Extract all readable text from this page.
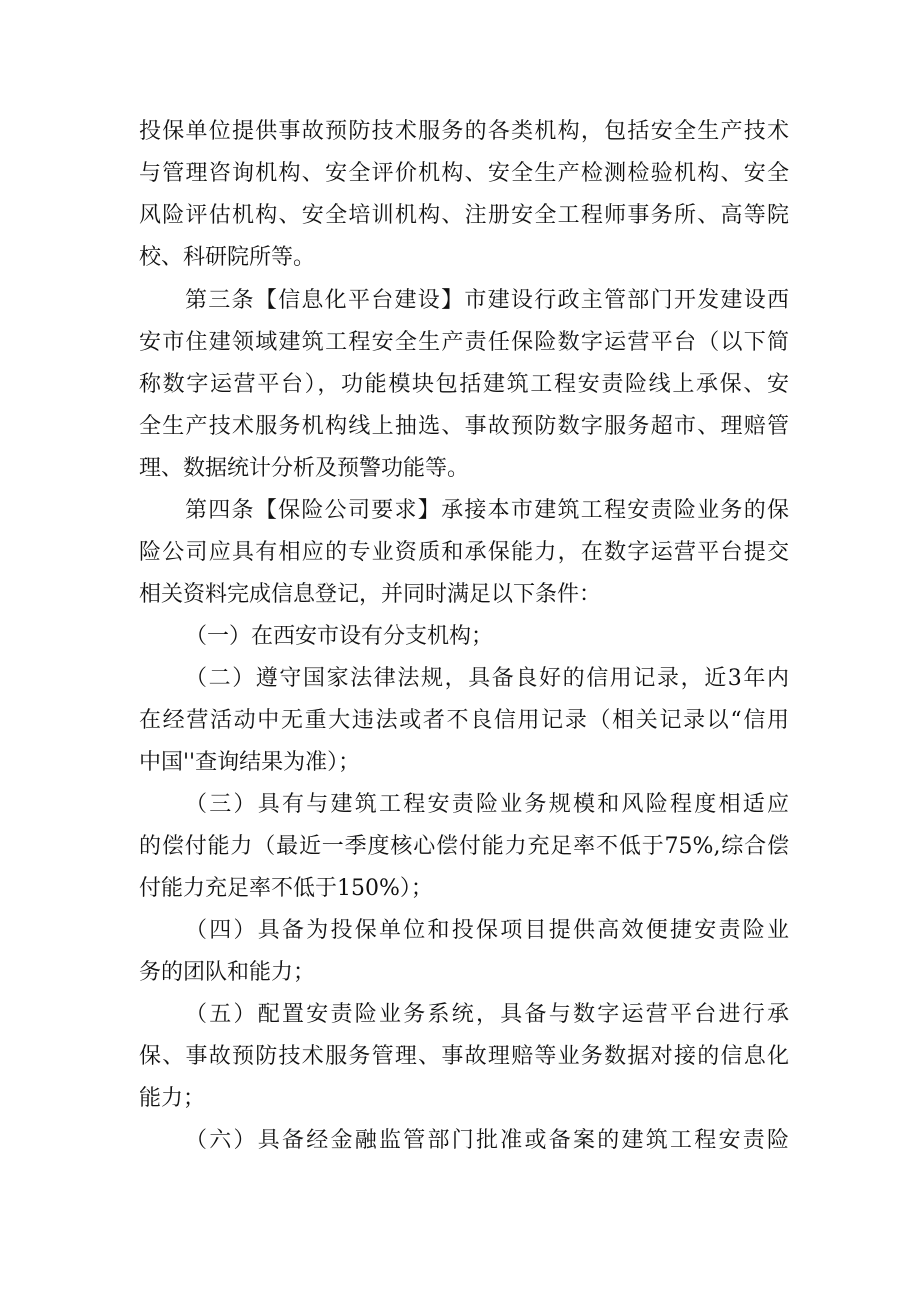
投保单位提供事故预防技术服务的各类机构，包括安全生产技术
与管理咨询机构、安全评价机构、安全生产检测检验机构、安全
风险评估机构、安全培训机构、注册安全工程师事务所、高等院
校、科研院所等。
第三条【信息化平台建设】市建设行政主管部门开发建设西
安市住建领域建筑工程安全生产责任保险数字运营平台（以下简
称数字运营平台），功能模块包括建筑工程安责险线上承保、安
全生产技术服务机构线上抽选、事故预防数字服务超市、理赔管
理、数据统计分析及预警功能等。
第四条【保险公司要求】承接本市建筑工程安责险业务的保
险公司应具有相应的专业资质和承保能力，在数字运营平台提交
相关资料完成信息登记，并同时满足以下条件：
（一）在西安市设有分支机构；
（二）遵守国家法律法规，具备良好的信用记录，近3年内
在经营活动中无重大违法或者不良信用记录（相关记录以“信用
中国''查询结果为准）；
（三）具有与建筑工程安责险业务规模和风险程度相适应
的偿付能力（最近一季度核心偿付能力充足率不低于75%,综合偿
付能力充足率不低于150%）；
（四）具备为投保单位和投保项目提供高效便捷安责险业
务的团队和能力；
（五）配置安责险业务系统，具备与数字运营平台进行承
保、事故预防技术服务管理、事故理赔等业务数据对接的信息化
能力；
（六）具备经金融监管部门批准或备案的建筑工程安责险
